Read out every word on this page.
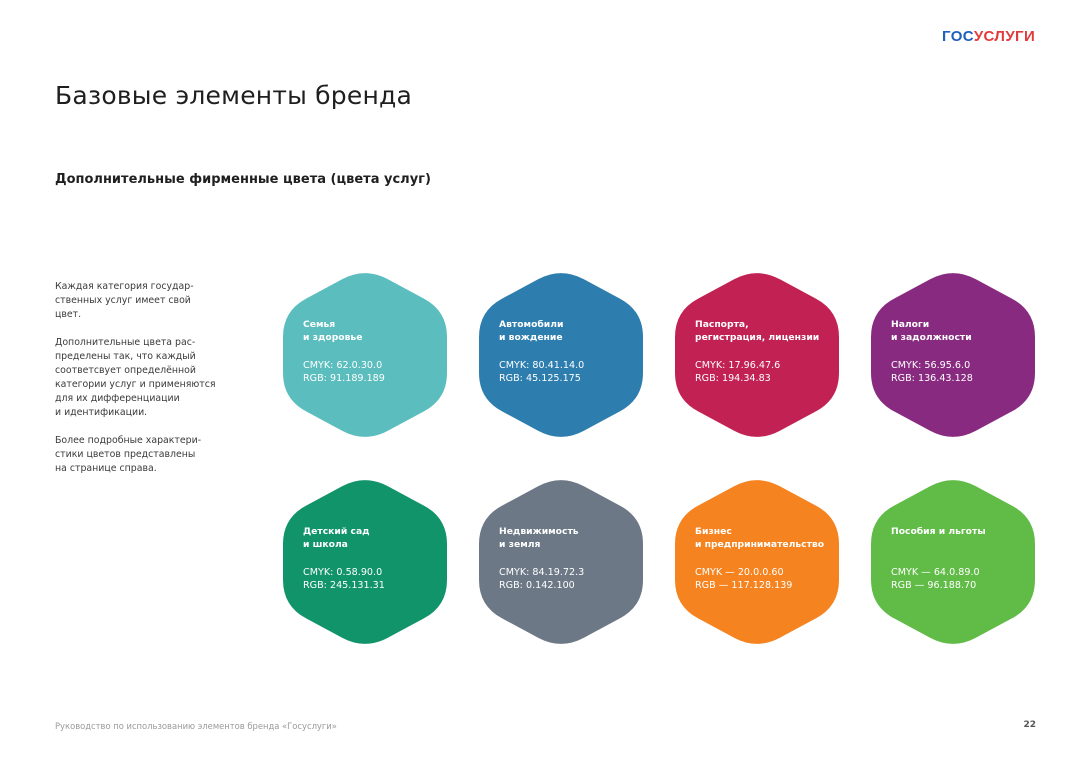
ГОСУСЛУГИ
Базовые элементы бренда
Дополнительные фирменные цвета (цвета услуг)

Каждая категория государ-
ственных услуг имеет свой
цвет.

Дополнительные цвета рас-
пределены так, что каждый
соответсвует определённой
категории услуг и применяются
для их дифференциации
и идентификации.

Более подробные характери-
стики цветов представлены
на странице справа.

Семья
и здоровье
CMYK: 62.0.30.0
RGB: 91.189.189
Автомобили
и вождение
CMYK: 80.41.14.0
RGB: 45.125.175
Паспорта,
регистрация, лицензии
CMYK: 17.96.47.6
RGB: 194.34.83
Налоги
и задолжности
CMYK: 56.95.6.0
RGB: 136.43.128
Детский сад
и школа
CMYK: 0.58.90.0
RGB: 245.131.31
Недвижимость
и земля
CMYK: 84.19.72.3
RGB: 0.142.100
Бизнес
и предпринимательство
CMYK — 20.0.0.60
RGB — 117.128.139
Пособия и льготы
CMYK — 64.0.89.0
RGB — 96.188.70
Руководство по использованию элементов бренда «Госуслуги»	22
